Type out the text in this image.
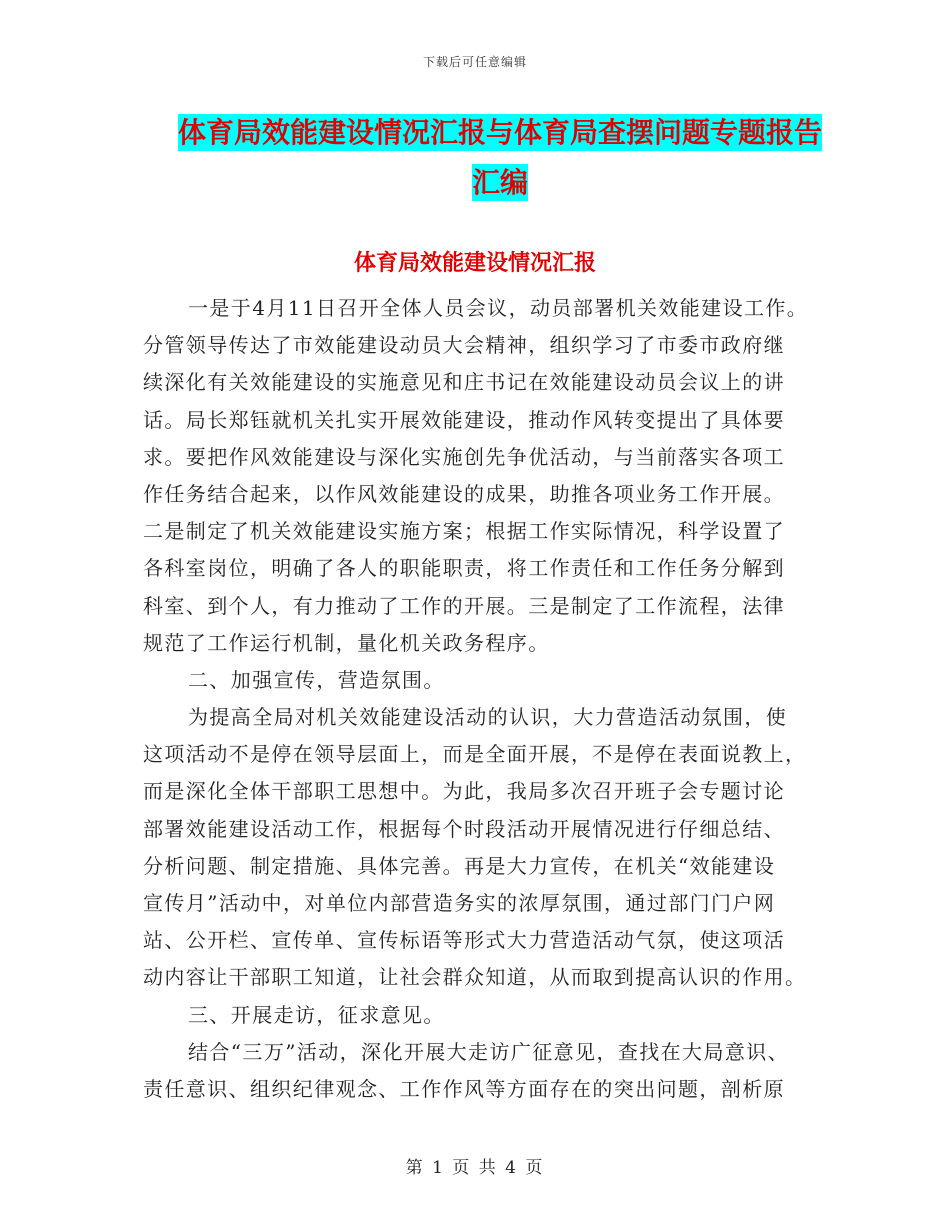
下载后可任意编辑
体育局效能建设情况汇报与体育局查摆问题专题报告
汇编
体育局效能建设情况汇报
一是于4月11日召开全体人员会议，动员部署机关效能建设工作。
分管领导传达了市效能建设动员大会精神，组织学习了市委市政府继
续深化有关效能建设的实施意见和庄书记在效能建设动员会议上的讲
话。局长郑钰就机关扎实开展效能建设，推动作风转变提出了具体要
求。要把作风效能建设与深化实施创先争优活动，与当前落实各项工
作任务结合起来，以作风效能建设的成果，助推各项业务工作开展。
二是制定了机关效能建设实施方案；根据工作实际情况，科学设置了
各科室岗位，明确了各人的职能职责，将工作责任和工作任务分解到
科室、到个人，有力推动了工作的开展。三是制定了工作流程，法律
规范了工作运行机制，量化机关政务程序。
二、加强宣传，营造氛围。
为提高全局对机关效能建设活动的认识，大力营造活动氛围，使
这项活动不是停在领导层面上，而是全面开展，不是停在表面说教上，
而是深化全体干部职工思想中。为此，我局多次召开班子会专题讨论
部署效能建设活动工作，根据每个时段活动开展情况进行仔细总结、
分析问题、制定措施、具体完善。再是大力宣传，在机关“效能建设
宣传月”活动中，对单位内部营造务实的浓厚氛围，通过部门门户网
站、公开栏、宣传单、宣传标语等形式大力营造活动气氛，使这项活
动内容让干部职工知道，让社会群众知道，从而取到提高认识的作用。
三、开展走访，征求意见。
结合“三万”活动，深化开展大走访广征意见，查找在大局意识、
责任意识、组织纪律观念、工作作风等方面存在的突出问题，剖析原
第 1 页 共 4 页
